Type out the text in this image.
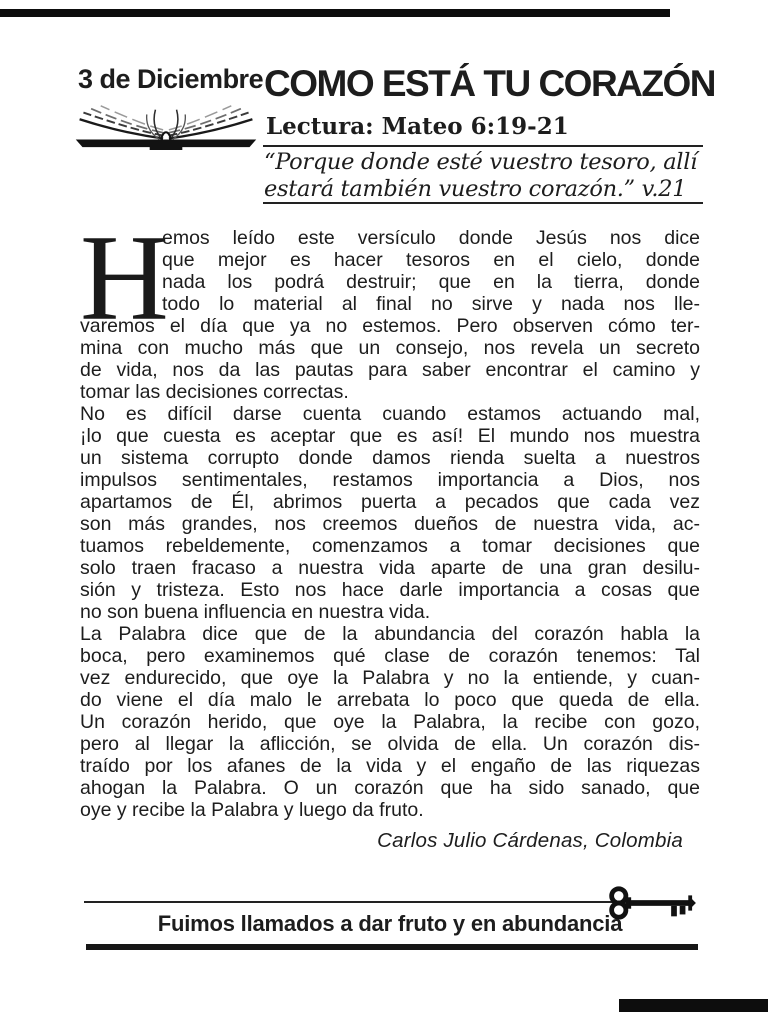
3 de Diciembre COMO ESTÁ TU CORAZÓN
Lectura: Mateo 6:19-21
“Porque donde esté vuestro tesoro, allí
estará también vuestro corazón.” v.21
H
emos leído este versículo donde Jesús nos dice
que mejor es hacer tesoros en el cielo, donde
nada los podrá destruir; que en la tierra, donde
todo lo material al final no sirve y nada nos lle-
varemos el día que ya no estemos. Pero observen cómo ter-
mina con mucho más que un consejo, nos revela un secreto
de vida, nos da las pautas para saber encontrar el camino y
tomar las decisiones correctas.
No es difícil darse cuenta cuando estamos actuando mal,
¡lo que cuesta es aceptar que es así! El mundo nos muestra
un sistema corrupto donde damos rienda suelta a nuestros
impulsos sentimentales, restamos importancia a Dios, nos
apartamos de Él, abrimos puerta a pecados que cada vez
son más grandes, nos creemos dueños de nuestra vida, ac-
tuamos rebeldemente, comenzamos a tomar decisiones que
solo traen fracaso a nuestra vida aparte de una gran desilu-
sión y tristeza. Esto nos hace darle importancia a cosas que
no son buena influencia en nuestra vida.
La Palabra dice que de la abundancia del corazón habla la
boca, pero examinemos qué clase de corazón tenemos: Tal
vez endurecido, que oye la Palabra y no la entiende, y cuan-
do viene el día malo le arrebata lo poco que queda de ella.
Un corazón herido, que oye la Palabra, la recibe con gozo,
pero al llegar la aflicción, se olvida de ella. Un corazón dis-
traído por los afanes de la vida y el engaño de las riquezas
ahogan la Palabra. O un corazón que ha sido sanado, que
oye y recibe la Palabra y luego da fruto.
Carlos Julio Cárdenas, Colombia
Fuimos llamados a dar fruto y en abundancia
